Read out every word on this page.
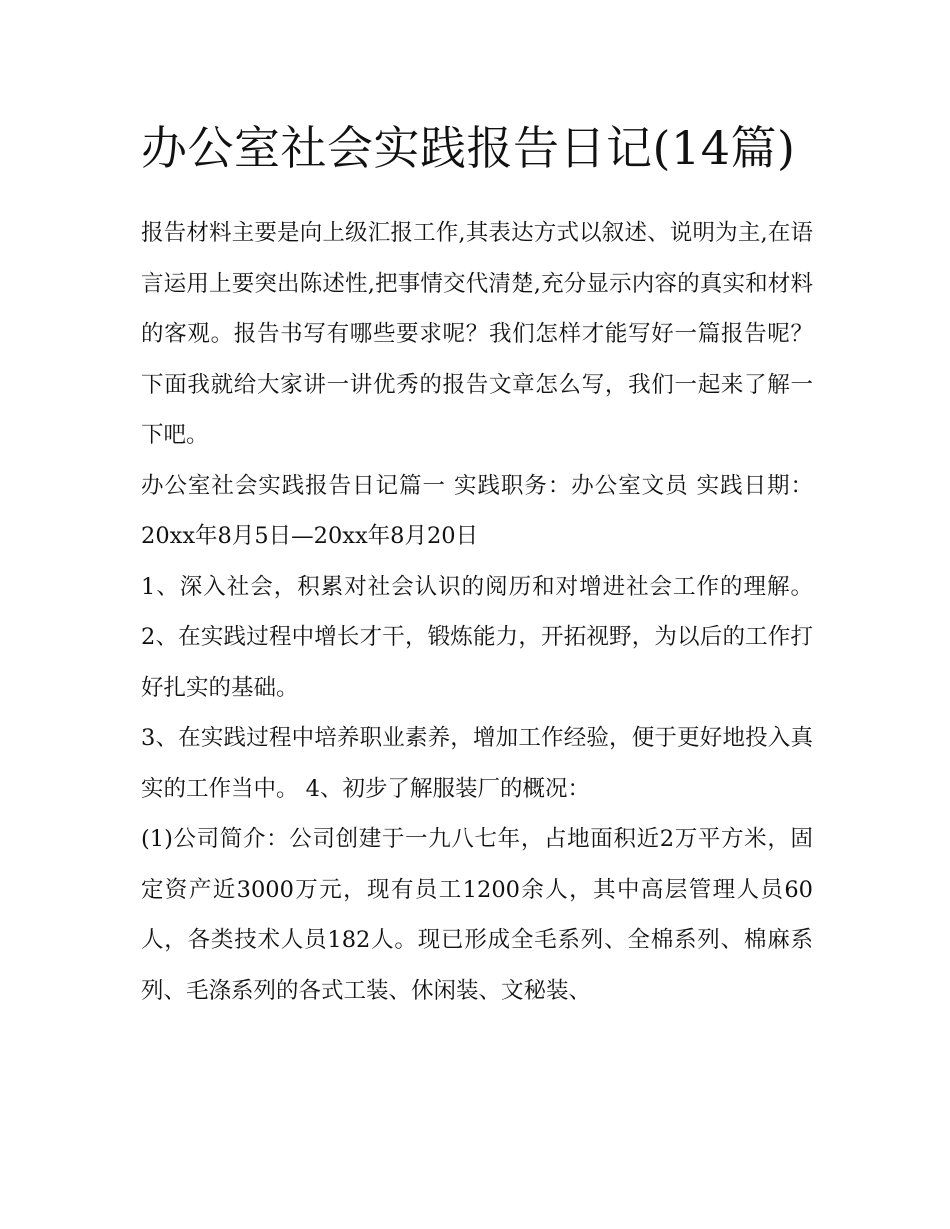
办公室社会实践报告日记(14篇)

报告材料主要是向上级汇报工作,其表达方式以叙述、说明为主,在语言运用上要突出陈述性,把事情交代清楚,充分显示内容的真实和材料的客观。报告书写有哪些要求呢？我们怎样才能写好一篇报告呢？下面我就给大家讲一讲优秀的报告文章怎么写，我们一起来了解一下吧。

办公室社会实践报告日记篇一 实践职务：办公室文员 实践日期：20xx年8月5日—20xx年8月20日

1、深入社会，积累对社会认识的阅历和对增进社会工作的理解。 2、在实践过程中增长才干，锻炼能力，开拓视野，为以后的工作打好扎实的基础。

3、在实践过程中培养职业素养，增加工作经验，便于更好地投入真实的工作当中。 4、初步了解服装厂的概况：

(1)公司简介：公司创建于一九八七年，占地面积近2万平方米，固定资产近3000万元，现有员工1200余人，其中高层管理人员60人，各类技术人员182人。现已形成全毛系列、全棉系列、棉麻系列、毛涤系列的各式工装、休闲装、文秘装、
